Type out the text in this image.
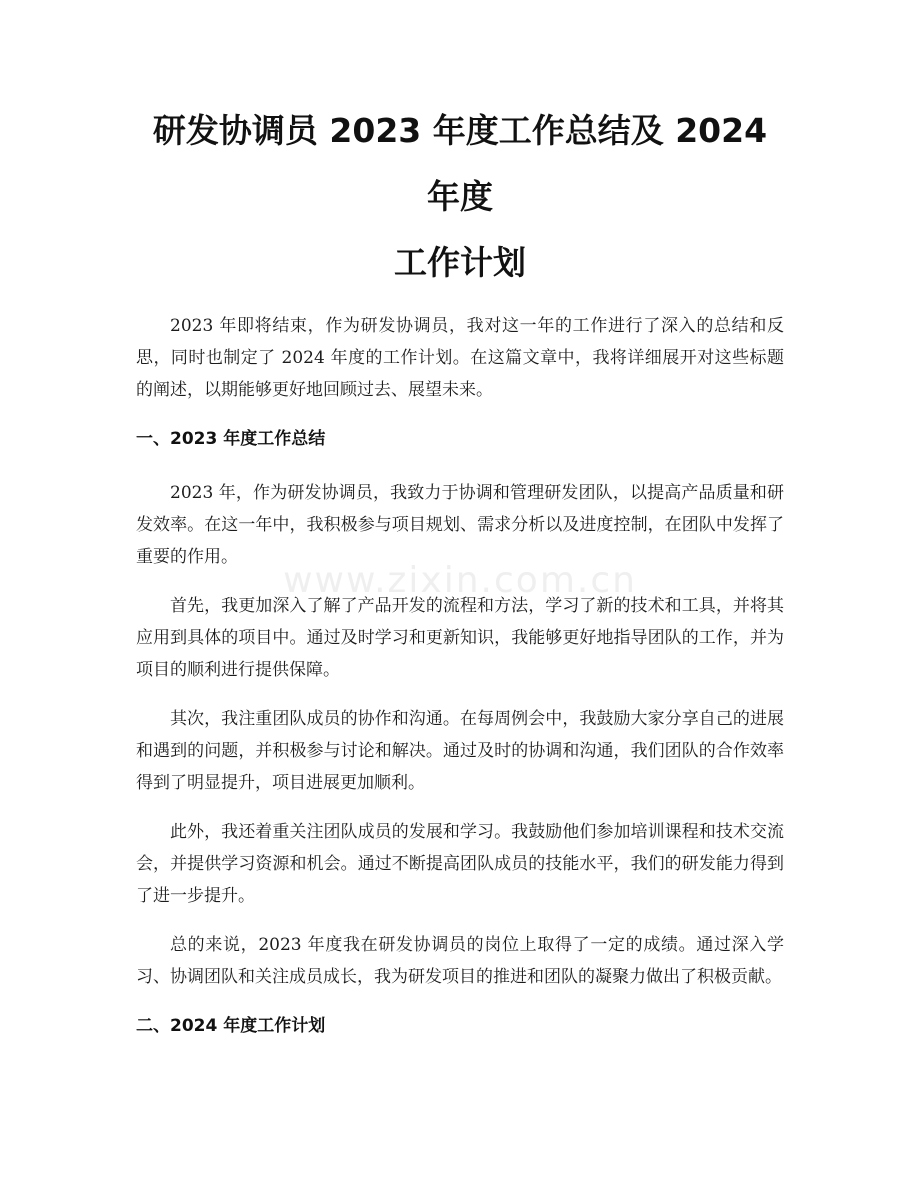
研发协调员 2023 年度工作总结及 2024 年度
工作计划

2023 年即将结束，作为研发协调员，我对这一年的工作进行了深入的总结和反思，同时也制定了 2024 年度的工作计划。在这篇文章中，我将详细展开对这些标题的阐述，以期能够更好地回顾过去、展望未来。

一、2023 年度工作总结

2023 年，作为研发协调员，我致力于协调和管理研发团队，以提高产品质量和研发效率。在这一年中，我积极参与项目规划、需求分析以及进度控制，在团队中发挥了重要的作用。

首先，我更加深入了解了产品开发的流程和方法，学习了新的技术和工具，并将其应用到具体的项目中。通过及时学习和更新知识，我能够更好地指导团队的工作，并为项目的顺利进行提供保障。

其次，我注重团队成员的协作和沟通。在每周例会中，我鼓励大家分享自己的进展和遇到的问题，并积极参与讨论和解决。通过及时的协调和沟通，我们团队的合作效率得到了明显提升，项目进展更加顺利。

此外，我还着重关注团队成员的发展和学习。我鼓励他们参加培训课程和技术交流会，并提供学习资源和机会。通过不断提高团队成员的技能水平，我们的研发能力得到了进一步提升。

总的来说，2023 年度我在研发协调员的岗位上取得了一定的成绩。通过深入学习、协调团队和关注成员成长，我为研发项目的推进和团队的凝聚力做出了积极贡献。

二、2024 年度工作计划
www.zixin.com.cn
